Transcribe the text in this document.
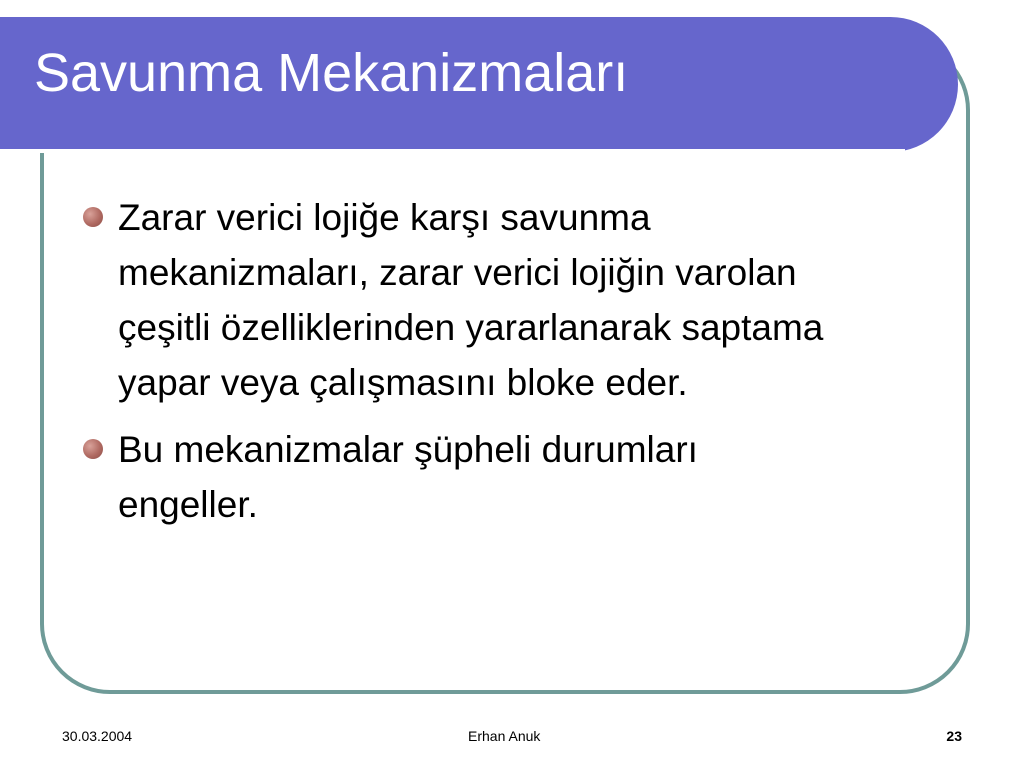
Savunma Mekanizmaları
Zarar verici lojiğe karşı savunma mekanizmaları, zarar verici lojiğin varolan çeşitli özelliklerinden yararlanarak saptama yapar veya çalışmasını bloke eder.
Bu mekanizmalar şüpheli durumları engeller.
30.03.2004	Erhan Anuk	23
